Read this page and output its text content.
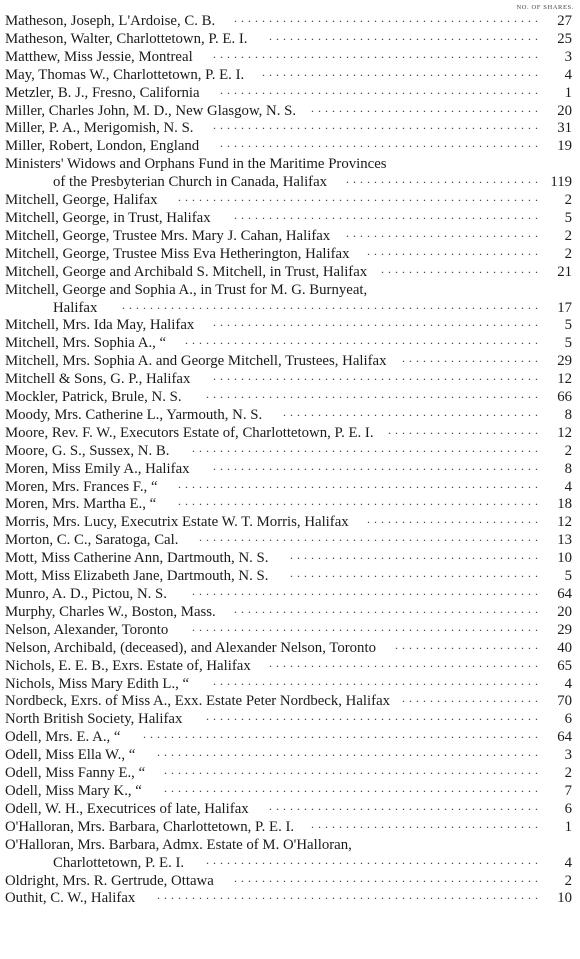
NO. OF SHARES.
Matheson, Joseph, L'Ardoise, C. B. ............................................	27
Matheson, Walter, Charlottetown, P. E. I. .......................................	25
Matthew, Miss Jessie, Montreal ...............................................	3
May, Thomas W., Charlottetown, P. E. I. ........................................	4
Metzler, B. J., Fresno, California ..............................................	1
Miller, Charles John, M. D., New Glasgow, N. S. .................................	20
Miller, P. A., Merigomish, N. S. ...............................................	31
Miller, Robert, London, England ..............................................	19
Ministers' Widows and Orphans Fund in the Maritime Provinces
of the Presbyterian Church in Canada, Halifax ............................ 119
Mitchell, George, Halifax ....................................................	2
Mitchell, George, in Trust, Halifax ............................................	5
Mitchell, George, Trustee Mrs. Mary J. Cahan, Halifax ............................	2
Mitchell, George, Trustee Miss Eva Hetherington, Halifax .........................	2
Mitchell, George and Archibald S. Mitchell, in Trust, Halifax .......................	21
Mitchell, George and Sophia A., in Trust for M. G. Burnyeat,
Halifax ............................................................	17
Mitchell, Mrs. Ida May, Halifax ...............................................	5
Mitchell, Mrs. Sophia A., “ ...................................................	5
Mitchell, Mrs. Sophia A. and George Mitchell, Trustees, Halifax ....................	29
Mitchell & Sons, G. P., Halifax ...............................................	12
Mockler, Patrick, Brule, N. S. ................................................	66
Moody, Mrs. Catherine L., Yarmouth, N. S. .....................................	8
Moore, Rev. F. W., Executors Estate of, Charlottetown, P. E. I. ......................	12
Moore, G. S., Sussex, N. B. ..................................................	2
Moren, Miss Emily A., Halifax ...............................................	8
Moren, Mrs. Frances F., “ ....................................................	4
Moren, Mrs. Martha E., “ ....................................................	18
Morris, Mrs. Lucy, Executrix Estate W. T. Morris, Halifax .........................	12
Morton, C. C., Saratoga, Cal. .................................................	13
Mott, Miss Catherine Ann, Dartmouth, N. S. ....................................	10
Mott, Miss Elizabeth Jane, Dartmouth, N. S. ....................................	5
Munro, A. D., Pictou, N. S. ..................................................	64
Murphy, Charles W., Boston, Mass. ............................................	20
Nelson, Alexander, Toronto ..................................................	29
Nelson, Archibald, (deceased), and Alexander Nelson, Toronto .....................	40
Nichols, E. E. B., Exrs. Estate of, Halifax .......................................	65
Nichols, Miss Mary Edith L., “ ...............................................	4
Nordbeck, Exrs. of Miss A., Exx. Estate Peter Nordbeck, Halifax ....................	70
North British Society, Halifax ................................................	6
Odell, Mrs. E. A., “ .........................................................	64
Odell, Miss Ella W., “ .......................................................	3
Odell, Miss Fanny E., “ ......................................................	2
Odell, Miss Mary K., “ ......................................................	7
Odell, W. H., Executrices of late, Halifax .......................................	6
O'Halloran, Mrs. Barbara, Charlottetown, P. E. I. .................................	1
O'Halloran, Mrs. Barbara, Admx. Estate of M. O'Halloran,
Charlottetown, P. E. I. ................................................	4
Oldright, Mrs. R. Gertrude, Ottawa ............................................	2
Outhit, C. W., Halifax .......................................................	10
